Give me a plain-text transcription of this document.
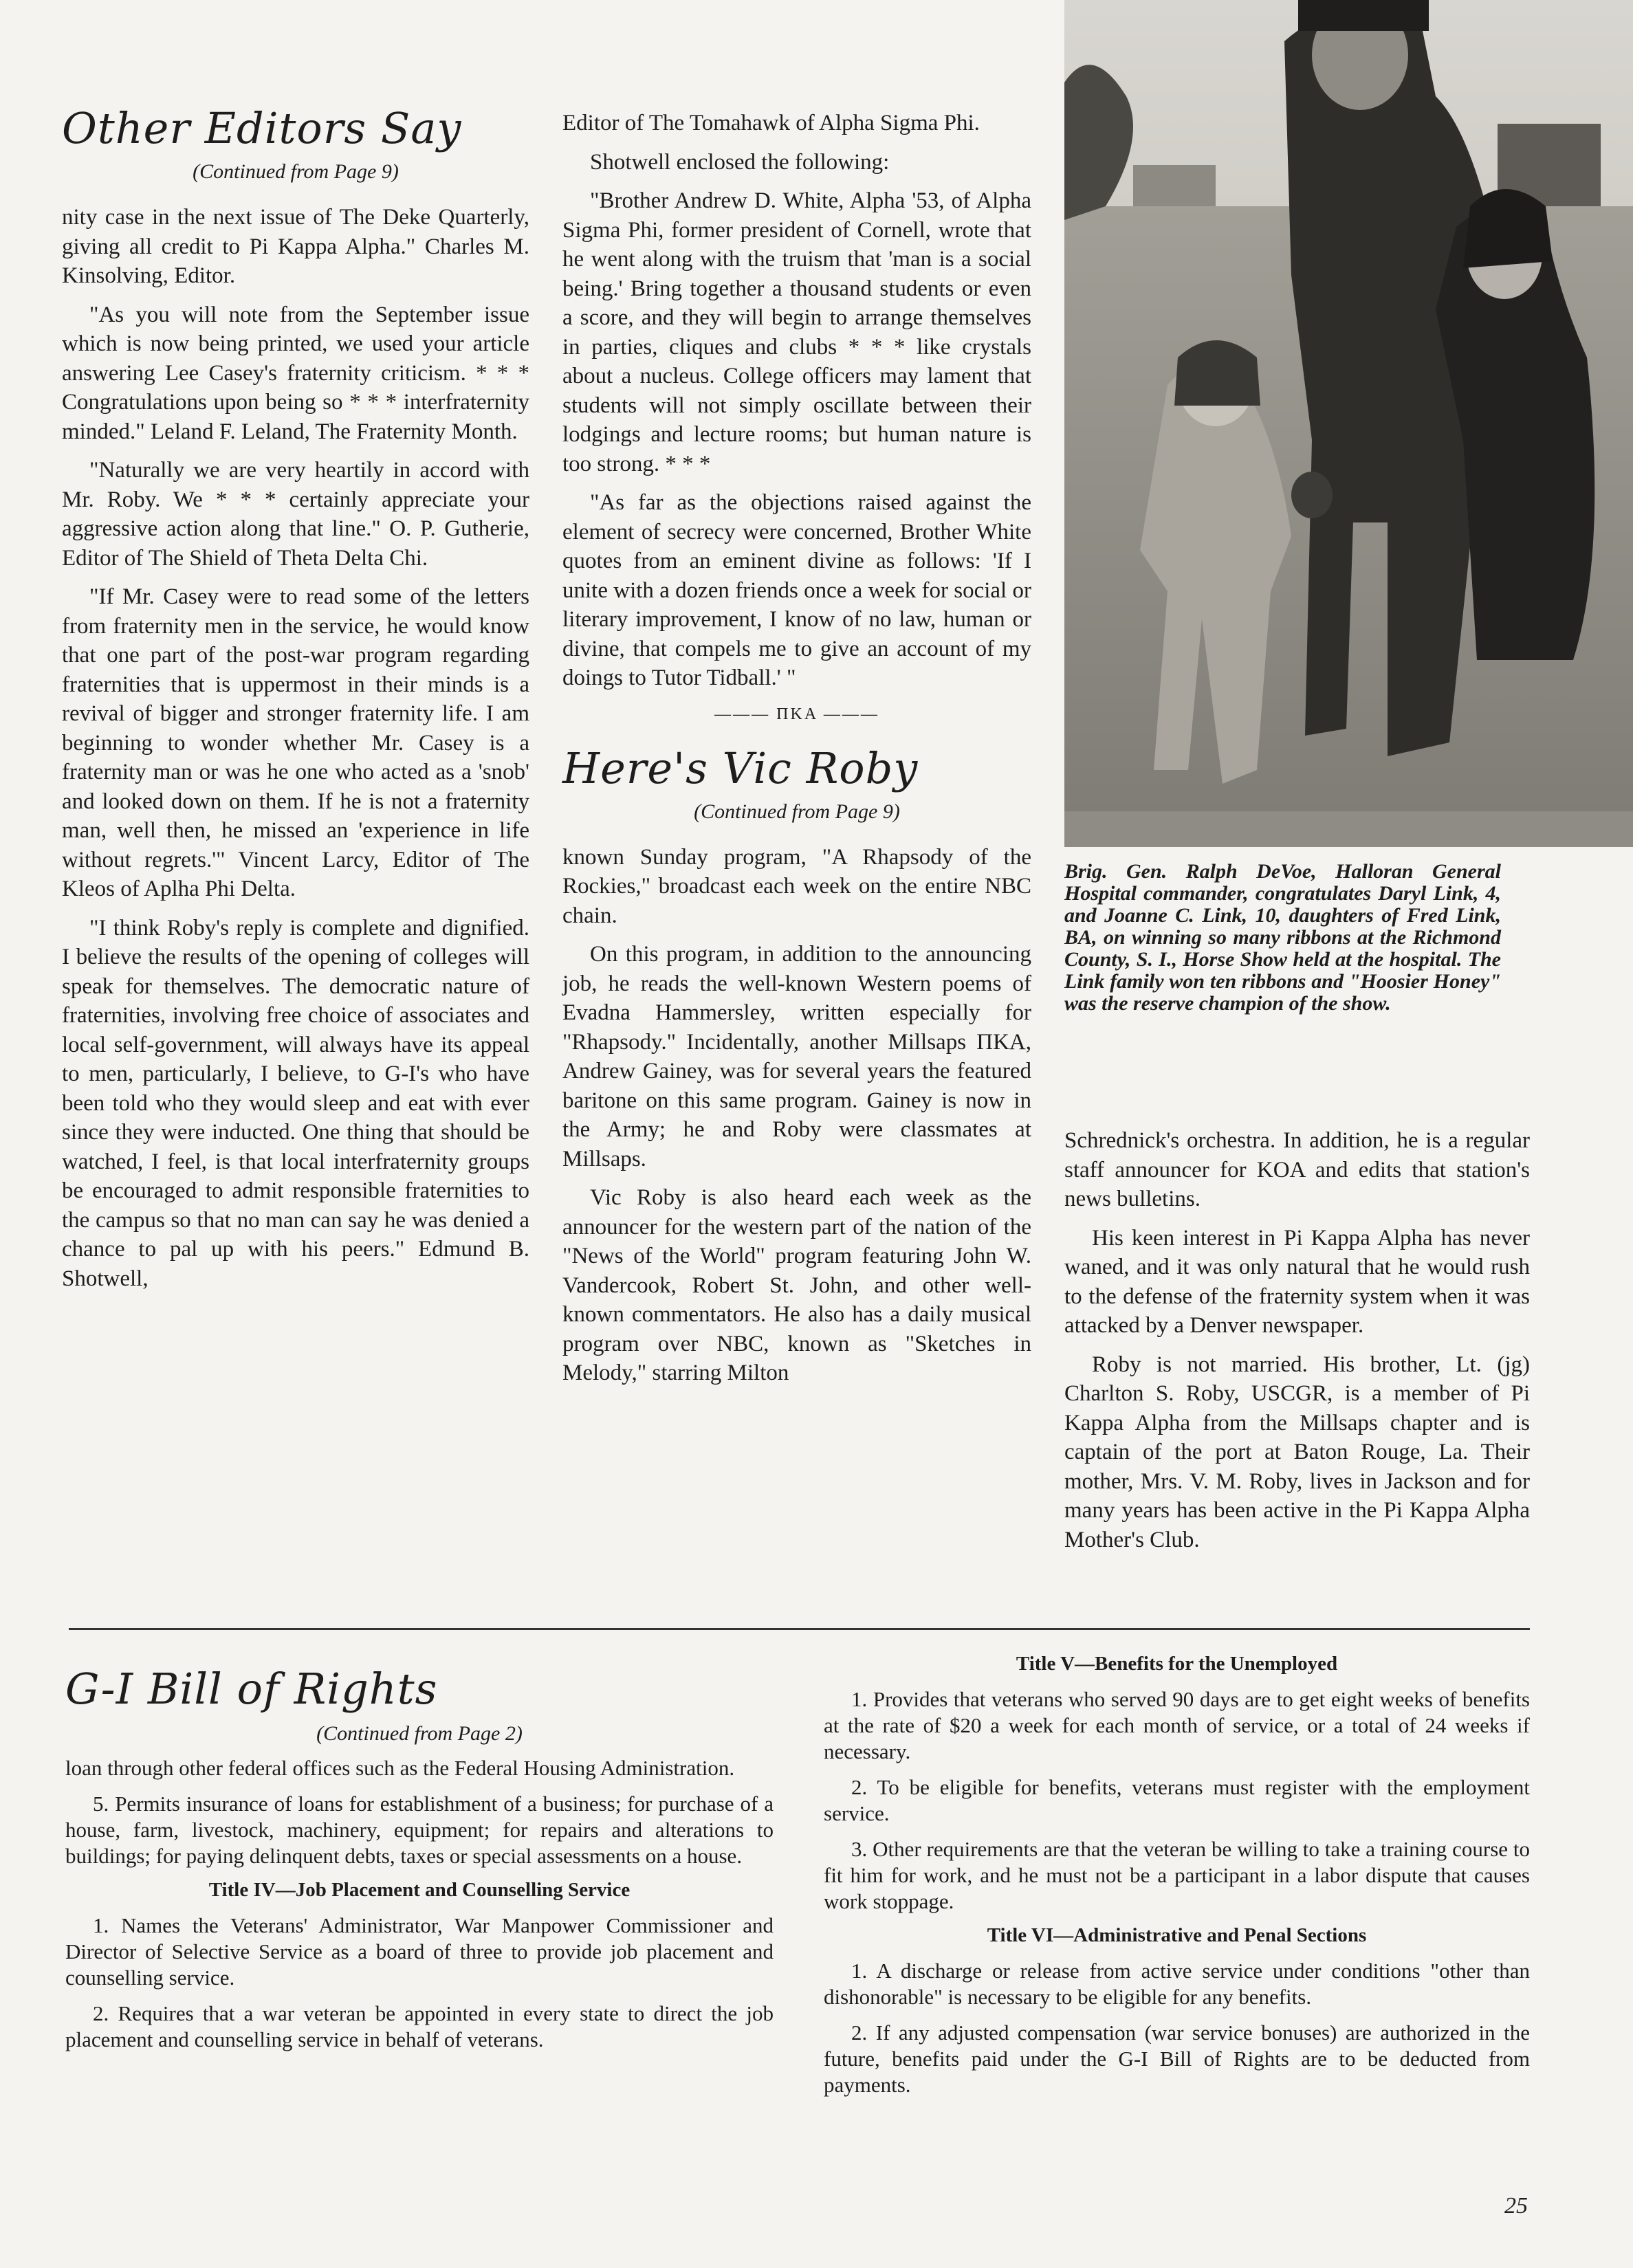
Other Editors Say
(Continued from Page 9)

nity case in the next issue of The Deke Quarterly, giving all credit to Pi Kappa Alpha." Charles M. Kinsolving, Editor.

"As you will note from the September issue which is now being printed, we used your article answering Lee Casey's fraternity criticism. * * * Congratulations upon being so * * * interfraternity minded." Leland F. Leland, The Fraternity Month.

"Naturally we are very heartily in accord with Mr. Roby. We * * * certainly appreciate your aggressive action along that line." O. P. Gutherie, Editor of The Shield of Theta Delta Chi.

"If Mr. Casey were to read some of the letters from fraternity men in the service, he would know that one part of the post-war program regarding fraternities that is uppermost in their minds is a revival of bigger and stronger fraternity life. I am beginning to wonder whether Mr. Casey is a fraternity man or was he one who acted as a 'snob' and looked down on them. If he is not a fraternity man, well then, he missed an 'experience in life without regrets.'" Vincent Larcy, Editor of The Kleos of Aplha Phi Delta.

"I think Roby's reply is complete and dignified. I believe the results of the opening of colleges will speak for themselves. The democratic nature of fraternities, involving free choice of associates and local self-government, will always have its appeal to men, particularly, I believe, to G-I's who have been told who they would sleep and eat with ever since they were inducted. One thing that should be watched, I feel, is that local interfraternity groups be encouraged to admit responsible fraternities to the campus so that no man can say he was denied a chance to pal up with his peers." Edmund B. Shotwell,

Editor of The Tomahawk of Alpha Sigma Phi.

Shotwell enclosed the following:

"Brother Andrew D. White, Alpha '53, of Alpha Sigma Phi, former president of Cornell, wrote that he went along with the truism that 'man is a social being.' Bring together a thousand students or even a score, and they will begin to arrange themselves in parties, cliques and clubs * * * like crystals about a nucleus. College officers may lament that students will not simply oscillate between their lodgings and lecture rooms; but human nature is too strong. * * *

"As far as the objections raised against the element of secrecy were concerned, Brother White quotes from an eminent divine as follows: 'If I unite with a dozen friends once a week for social or literary improvement, I know of no law, human or divine, that compels me to give an account of my doings to Tutor Tidball.' "

——— ΠΚΑ ———
Here's Vic Roby
(Continued from Page 9)

known Sunday program, "A Rhapsody of the Rockies," broadcast each week on the entire NBC chain.

On this program, in addition to the announcing job, he reads the well-known Western poems of Evadna Hammersley, written especially for "Rhapsody." Incidentally, another Millsaps ΠΚΑ, Andrew Gainey, was for several years the featured baritone on this same program. Gainey is now in the Army; he and Roby were classmates at Millsaps.

Vic Roby is also heard each week as the announcer for the western part of the nation of the "News of the World" program featuring John W. Vandercook, Robert St. John, and other well-known commentators. He also has a daily musical program over NBC, known as "Sketches in Melody," starring Milton

Brig. Gen. Ralph DeVoe, Halloran General Hospital commander, congratulates Daryl Link, 4, and Joanne C. Link, 10, daughters of Fred Link, BA, on winning so many ribbons at the Richmond County, S. I., Horse Show held at the hospital. The Link family won ten ribbons and "Hoosier Honey" was the reserve champion of the show.

Schrednick's orchestra. In addition, he is a regular staff announcer for KOA and edits that station's news bulletins.

His keen interest in Pi Kappa Alpha has never waned, and it was only natural that he would rush to the defense of the fraternity system when it was attacked by a Denver newspaper.

Roby is not married. His brother, Lt. (jg) Charlton S. Roby, USCGR, is a member of Pi Kappa Alpha from the Millsaps chapter and is captain of the port at Baton Rouge, La. Their mother, Mrs. V. M. Roby, lives in Jackson and for many years has been active in the Pi Kappa Alpha Mother's Club.

G-I Bill of Rights
(Continued from Page 2)

loan through other federal offices such as the Federal Housing Administration.

5. Permits insurance of loans for establishment of a business; for purchase of a house, farm, livestock, machinery, equipment; for repairs and alterations to buildings; for paying delinquent debts, taxes or special assessments on a house.

Title IV—Job Placement and Counselling Service

1. Names the Veterans' Administrator, War Manpower Commissioner and Director of Selective Service as a board of three to provide job placement and counselling service.

2. Requires that a war veteran be appointed in every state to direct the job placement and counselling service in behalf of veterans.

Title V—Benefits for the Unemployed

1. Provides that veterans who served 90 days are to get eight weeks of benefits at the rate of $20 a week for each month of service, or a total of 24 weeks if necessary.

2. To be eligible for benefits, veterans must register with the employment service.

3. Other requirements are that the veteran be willing to take a training course to fit him for work, and he must not be a participant in a labor dispute that causes work stoppage.

Title VI—Administrative and Penal Sections

1. A discharge or release from active service under conditions "other than dishonorable" is necessary to be eligible for any benefits.

2. If any adjusted compensation (war service bonuses) are authorized in the future, benefits paid under the G-I Bill of Rights are to be deducted from payments.

25
